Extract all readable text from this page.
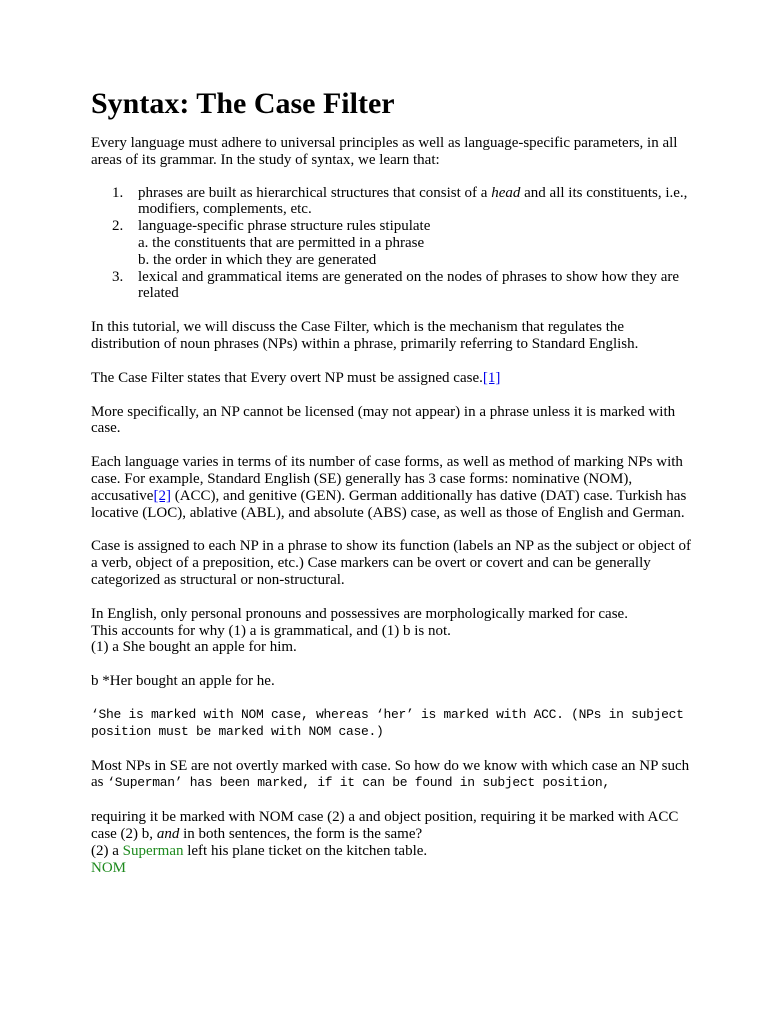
Syntax: The Case Filter

Every language must adhere to universal principles as well as language-specific parameters, in all areas of its grammar. In the study of syntax, we learn that:

1. phrases are built as hierarchical structures that consist of a head and all its constituents, i.e., modifiers, complements, etc.
2. language-specific phrase structure rules stipulate
a. the constituents that are permitted in a phrase
b. the order in which they are generated
3. lexical and grammatical items are generated on the nodes of phrases to show how they are related

In this tutorial, we will discuss the Case Filter, which is the mechanism that regulates the distribution of noun phrases (NPs) within a phrase, primarily referring to Standard English.

The Case Filter states that Every overt NP must be assigned case.[1]

More specifically, an NP cannot be licensed (may not appear) in a phrase unless it is marked with case.

Each language varies in terms of its number of case forms, as well as method of marking NPs with case. For example, Standard English (SE) generally has 3 case forms: nominative (NOM), accusative[2] (ACC), and genitive (GEN). German additionally has dative (DAT) case. Turkish has locative (LOC), ablative (ABL), and absolute (ABS) case, as well as those of English and German.

Case is assigned to each NP in a phrase to show its function (labels an NP as the subject or object of a verb, object of a preposition, etc.) Case markers can be overt or covert and can be generally categorized as structural or non-structural.

In English, only personal pronouns and possessives are morphologically marked for case.
This accounts for why (1) a is grammatical, and (1) b is not.
(1) a She bought an apple for him.

b *Her bought an apple for he.

‘She is marked with NOM case, whereas ‘her’ is marked with ACC. (NPs in subject position must be marked with NOM case.)

Most NPs in SE are not overtly marked with case. So how do we know with which case an NP such as ‘Superman’ has been marked, if it can be found in subject position,

requiring it be marked with NOM case (2) a and object position, requiring it be marked with ACC case (2) b, and in both sentences, the form is the same?
(2) a Superman left his plane ticket on the kitchen table.
NOM
